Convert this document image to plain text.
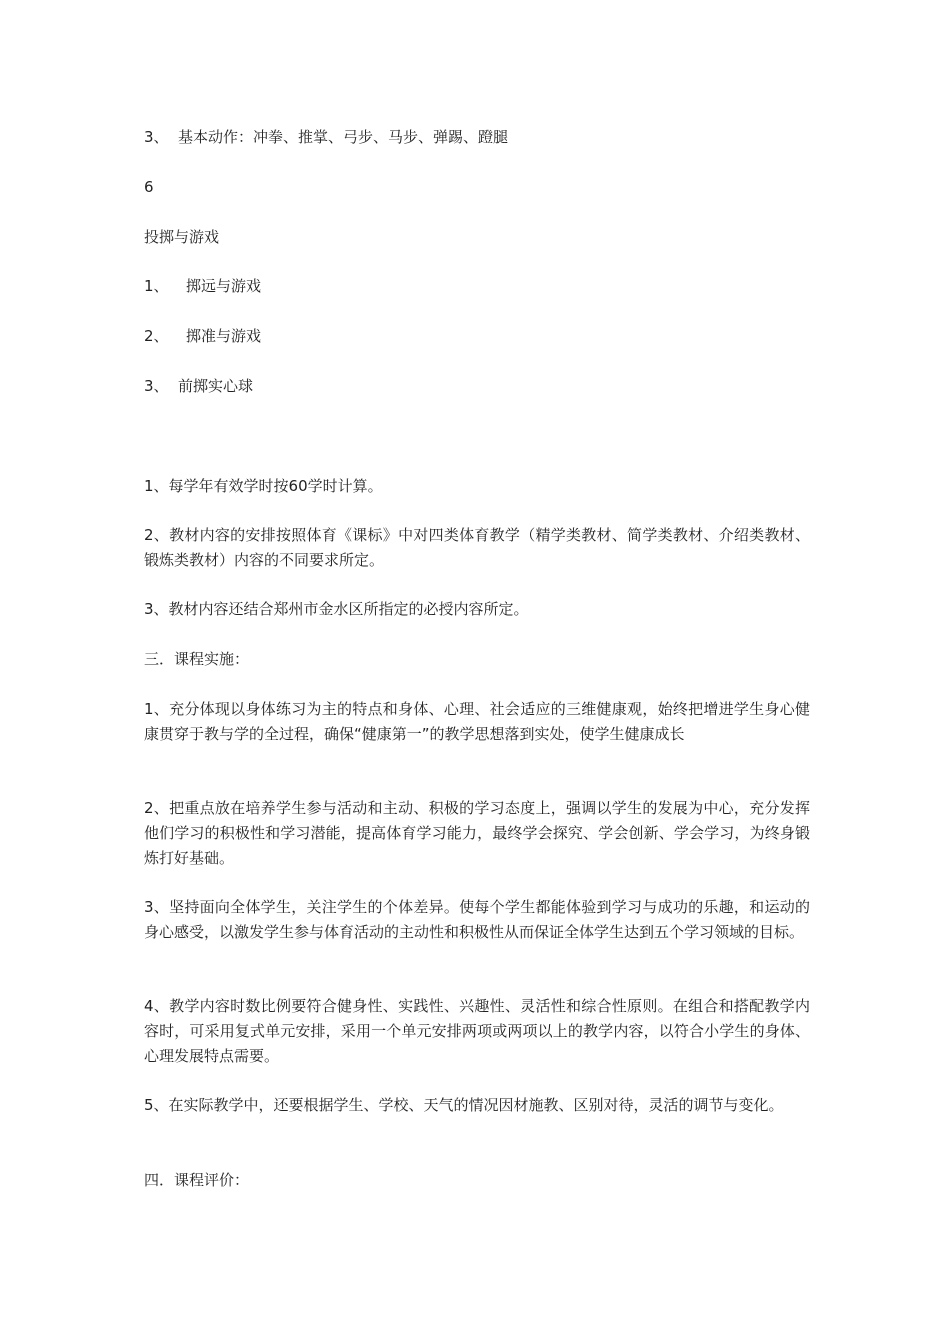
3、 基本动作：冲拳、推掌、弓步、马步、弹踢、蹬腿

6

投掷与游戏

1、 掷远与游戏

2、 掷准与游戏

3、 前掷实心球

1、每学年有效学时按60学时计算。

2、教材内容的安排按照体育《课标》中对四类体育教学（精学类教材、简学类教材、介绍类教材、锻炼类教材）内容的不同要求所定。

3、教材内容还结合郑州市金水区所指定的必授内容所定。

三．课程实施：

1、充分体现以身体练习为主的特点和身体、心理、社会适应的三维健康观，始终把增进学生身心健康贯穿于教与学的全过程，确保“健康第一”的教学思想落到实处，使学生健康成长

2、把重点放在培养学生参与活动和主动、积极的学习态度上，强调以学生的发展为中心，充分发挥他们学习的积极性和学习潜能，提高体育学习能力，最终学会探究、学会创新、学会学习，为终身锻炼打好基础。

3、坚持面向全体学生，关注学生的个体差异。使每个学生都能体验到学习与成功的乐趣，和运动的身心感受，以激发学生参与体育活动的主动性和积极性从而保证全体学生达到五个学习领域的目标。

4、教学内容时数比例要符合健身性、实践性、兴趣性、灵活性和综合性原则。在组合和搭配教学内容时，可采用复式单元安排，采用一个单元安排两项或两项以上的教学内容，以符合小学生的身体、心理发展特点需要。

5、在实际教学中，还要根据学生、学校、天气的情况因材施教、区别对待，灵活的调节与变化。

四．课程评价：
